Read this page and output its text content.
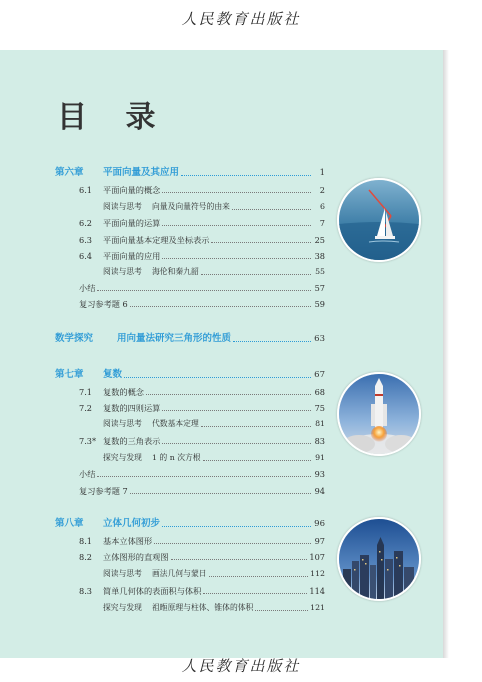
人民教育出版社
目 录
第六章	平面向量及其应用	1
6.1	平面向量的概念	2
阅读与思考 向量及向量符号的由来	6
6.2	平面向量的运算	7
6.3	平面向量基本定理及坐标表示	25
6.4	平面向量的应用	38
阅读与思考 海伦和秦九韶	55
小结	57
复习参考题 6	59
数学探究	用向量法研究三角形的性质	63
第七章	复数	67
7.1	复数的概念	68
7.2	复数的四则运算	75
阅读与思考 代数基本定理	81
7.3* 复数的三角表示	83
探究与发现 1 的 n 次方根	91
小结	93
复习参考题 7	94
第八章	立体几何初步	96
8.1	基本立体图形	97
8.2	立体图形的直观图	107
阅读与思考 画法几何与蒙日	112
8.3	简单几何体的表面积与体积	114
探究与发现 祖暅原理与柱体、锥体的体积	121
人民教育出版社
